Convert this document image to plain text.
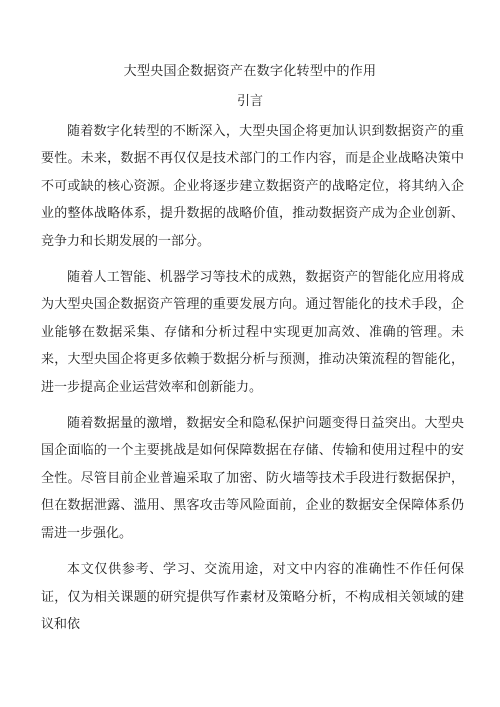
大型央国企数据资产在数字化转型中的作用
引言

随着数字化转型的不断深入，大型央国企将更加认识到数据资产的重要性。未来，数据不再仅仅是技术部门的工作内容，而是企业战略决策中不可或缺的核心资源。企业将逐步建立数据资产的战略定位，将其纳入企业的整体战略体系，提升数据的战略价值，推动数据资产成为企业创新、竞争力和长期发展的一部分。

随着人工智能、机器学习等技术的成熟，数据资产的智能化应用将成为大型央国企数据资产管理的重要发展方向。通过智能化的技术手段，企业能够在数据采集、存储和分析过程中实现更加高效、准确的管理。未来，大型央国企将更多依赖于数据分析与预测，推动决策流程的智能化，进一步提高企业运营效率和创新能力。

随着数据量的激增，数据安全和隐私保护问题变得日益突出。大型央国企面临的一个主要挑战是如何保障数据在存储、传输和使用过程中的安全性。尽管目前企业普遍采取了加密、防火墙等技术手段进行数据保护，但在数据泄露、滥用、黑客攻击等风险面前，企业的数据安全保障体系仍需进一步强化。

本文仅供参考、学习、交流用途，对文中内容的准确性不作任何保证，仅为相关课题的研究提供写作素材及策略分析，不构成相关领域的建议和依
